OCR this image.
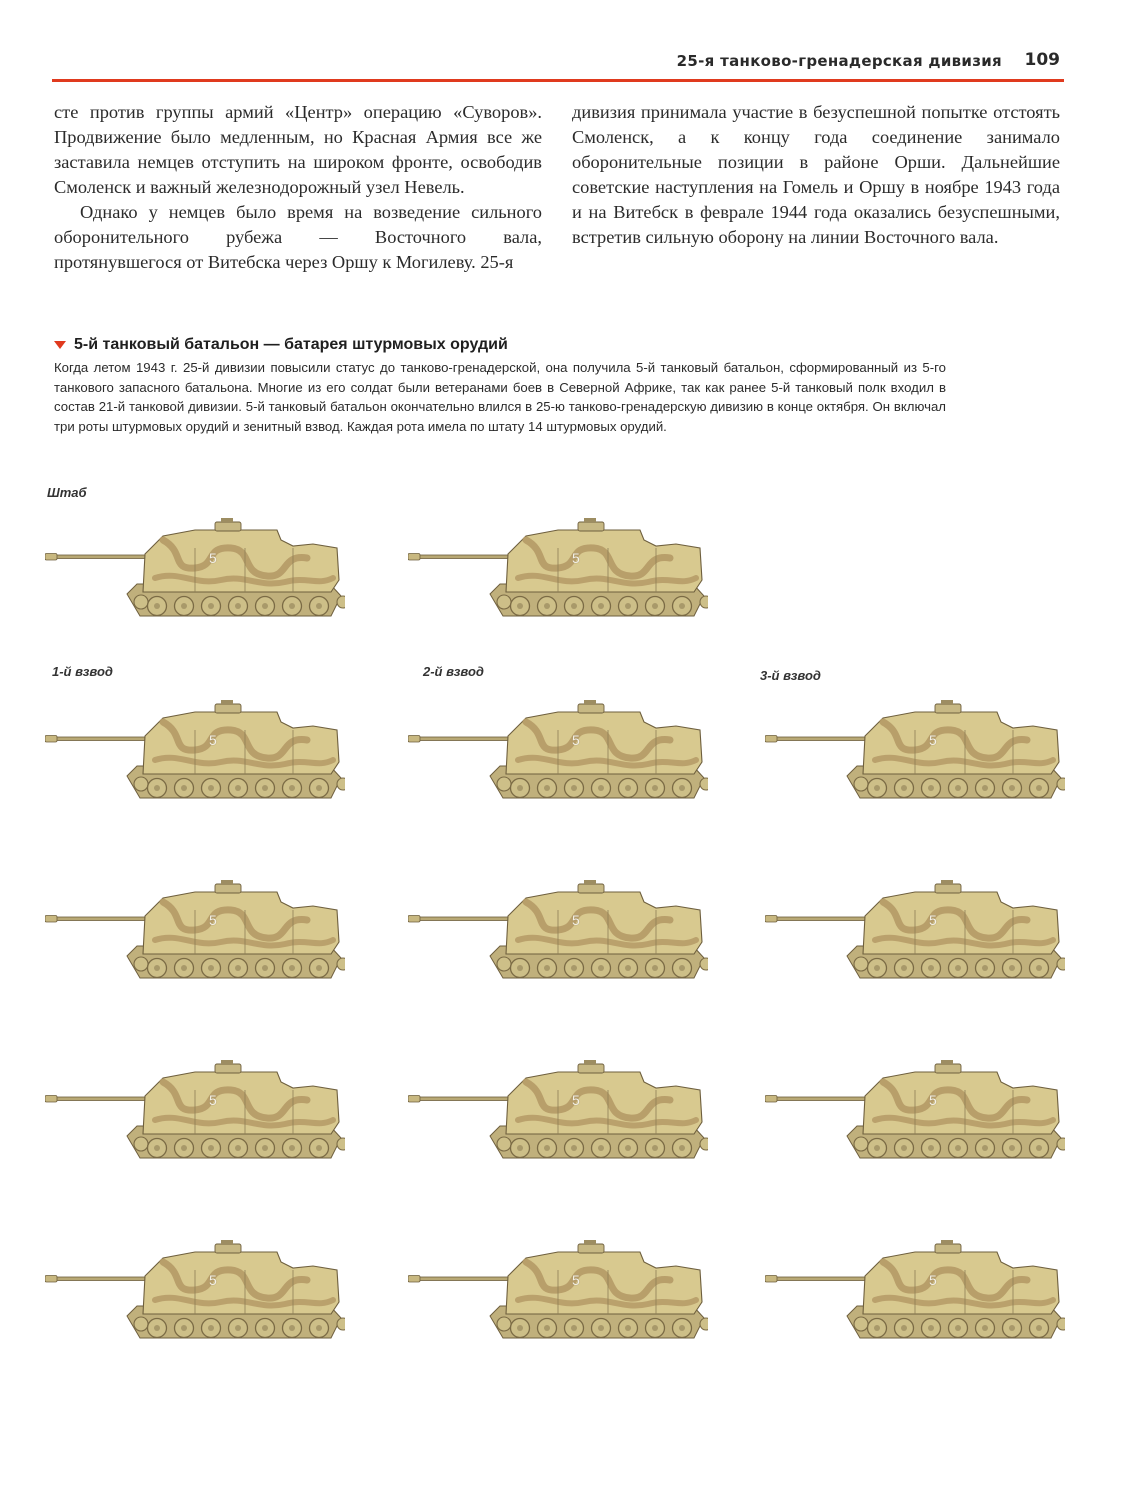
25-я танково-гренадерская дивизия 109

сте против группы армий «Центр» операцию «Суворов». Продвижение было медленным, но Красная Армия все же заставила немцев отступить на широком фронте, освободив Смоленск и важный железнодорожный узел Невель.

Однако у немцев было время на возведение сильного оборонительного рубежа — Восточного вала, протянувшегося от Витебска через Оршу к Могилеву. 25-я

дивизия принимала участие в безуспешной попытке отстоять Смоленск, а к концу года соединение занимало оборонительные позиции в районе Орши. Дальнейшие советские наступления на Гомель и Оршу в ноябре 1943 года и на Витебск в феврале 1944 года оказались безуспешными, встретив сильную оборону на линии Восточного вала.

5-й танковый батальон — батарея штурмовых орудий
Когда летом 1943 г. 25-й дивизии повысили статус до танково-гренадерской, она получила 5-й танковый батальон, сформированный из 5-го танкового запасного батальона. Многие из его солдат были ветеранами боев в Северной Африке, так как ранее 5-й танковый полк входил в состав 21-й танковой дивизии. 5-й танковый батальон окончательно влился в 25-ю танково-гренадерскую дивизию в конце октября. Он включал три роты штурмовых орудий и зенитный взвод. Каждая рота имела по штату 14 штурмовых орудий.
Штаб
1-й взвод	2-й взвод	3-й взвод
5	5
5	5	5
5	5	5
5	5	5
5	5	5
